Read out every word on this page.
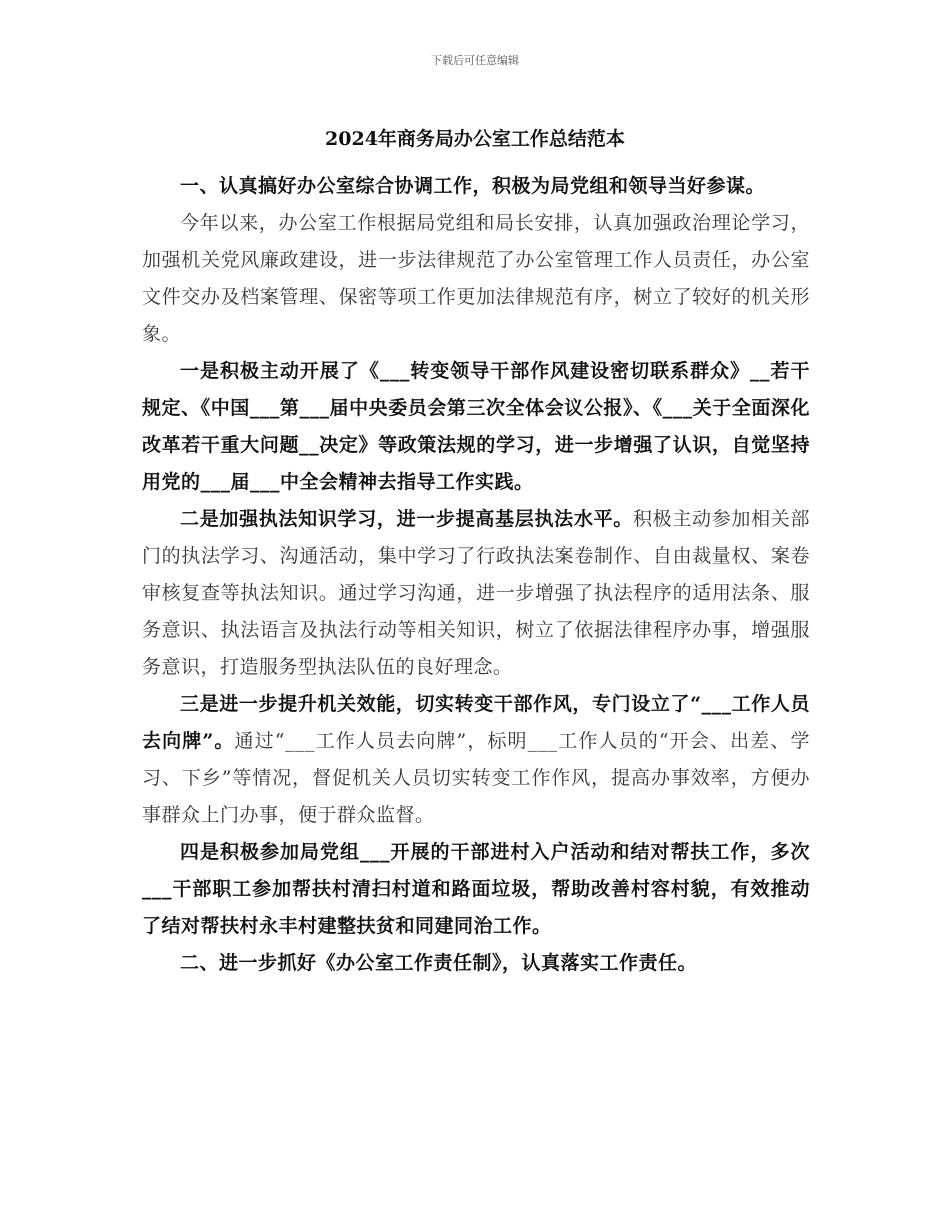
下载后可任意编辑
2024年商务局办公室工作总结范本

一、认真搞好办公室综合协调工作，积极为局党组和领导当好参谋。

今年以来，办公室工作根据局党组和局长安排，认真加强政治理论学习，加强机关党风廉政建设，进一步法律规范了办公室管理工作人员责任，办公室文件交办及档案管理、保密等项工作更加法律规范有序，树立了较好的机关形象。

一是积极主动开展了《___转变领导干部作风建设密切联系群众》__若干规定、《中国___第___届中央委员会第三次全体会议公报》、《___关于全面深化改革若干重大问题__决定》等政策法规的学习，进一步增强了认识，自觉坚持用党的___届___中全会精神去指导工作实践。

二是加强执法知识学习，进一步提高基层执法水平。积极主动参加相关部门的执法学习、沟通活动，集中学习了行政执法案卷制作、自由裁量权、案卷审核复查等执法知识。通过学习沟通，进一步增强了执法程序的适用法条、服务意识、执法语言及执法行动等相关知识，树立了依据法律程序办事，增强服务意识，打造服务型执法队伍的良好理念。

三是进一步提升机关效能，切实转变干部作风，专门设立了“___工作人员去向牌”。通过“___工作人员去向牌”，标明___工作人员的“开会、出差、学习、下乡”等情况，督促机关人员切实转变工作作风，提高办事效率，方便办事群众上门办事，便于群众监督。

四是积极参加局党组___开展的干部进村入户活动和结对帮扶工作，多次___干部职工参加帮扶村清扫村道和路面垃圾，帮助改善村容村貌，有效推动了结对帮扶村永丰村建整扶贫和同建同治工作。

二、进一步抓好《办公室工作责任制》，认真落实工作责任。
